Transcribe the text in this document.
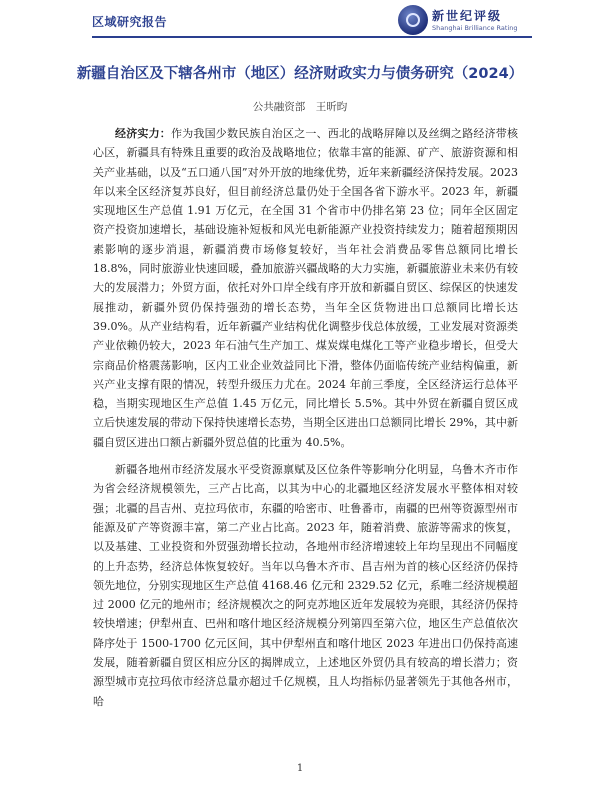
区域研究报告	新世纪评级
Shanghai Brilliance Rating
新疆自治区及下辖各州市（地区）经济财政实力与债务研究（2024）
公共融资部　王昕昀

经济实力：作为我国少数民族自治区之一、西北的战略屏障以及丝绸之路经济带核心区，新疆具有特殊且重要的政治及战略地位；依靠丰富的能源、矿产、旅游资源和相关产业基础，以及“五口通八国”对外开放的地缘优势，近年来新疆经济保持发展。2023 年以来全区经济复苏良好，但目前经济总量仍处于全国各省下游水平。2023 年，新疆实现地区生产总值 1.91 万亿元，在全国 31 个省市中仍排名第 23 位；同年全区固定资产投资加速增长，基础设施补短板和风光电新能源产业投资持续发力；随着超预期因素影响的逐步消退，新疆消费市场修复较好，当年社会消费品零售总额同比增长 18.8%，同时旅游业快速回暖，叠加旅游兴疆战略的大力实施，新疆旅游业未来仍有较大的发展潜力；外贸方面，依托对外口岸全线有序开放和新疆自贸区、综保区的快速发展推动，新疆外贸仍保持强劲的增长态势，当年全区货物进出口总额同比增长达 39.0%。从产业结构看，近年新疆产业结构优化调整步伐总体放缓，工业发展对资源类产业依赖仍较大，2023 年石油气生产加工、煤炭煤电煤化工等产业稳步增长，但受大宗商品价格震荡影响，区内工业企业效益同比下滑，整体仍面临传统产业结构偏重，新兴产业支撑有限的情况，转型升级压力尤在。2024 年前三季度，全区经济运行总体平稳，当期实现地区生产总值 1.45 万亿元，同比增长 5.5%。其中外贸在新疆自贸区成立后快速发展的带动下保持快速增长态势，当期全区进出口总额同比增长 29%，其中新疆自贸区进出口额占新疆外贸总值的比重为 40.5%。

新疆各地州市经济发展水平受资源禀赋及区位条件等影响分化明显，乌鲁木齐市作为省会经济规模领先，三产占比高，以其为中心的北疆地区经济发展水平整体相对较强；北疆的昌吉州、克拉玛依市，东疆的哈密市、吐鲁番市，南疆的巴州等资源型州市能源及矿产等资源丰富，第二产业占比高。2023 年，随着消费、旅游等需求的恢复，以及基建、工业投资和外贸强劲增长拉动，各地州市经济增速较上年均呈现出不同幅度的上升态势，经济总体恢复较好。当年以乌鲁木齐市、昌吉州为首的核心区经济仍保持领先地位，分别实现地区生产总值 4168.46 亿元和 2329.52 亿元，系唯二经济规模超过 2000 亿元的地州市；经济规模次之的阿克苏地区近年发展较为亮眼，其经济仍保持较快增速；伊犁州直、巴州和喀什地区经济规模分列第四至第六位，地区生产总值依次降序处于 1500-1700 亿元区间，其中伊犁州直和喀什地区 2023 年进出口仍保持高速发展，随着新疆自贸区相应分区的揭牌成立，上述地区外贸仍具有较高的增长潜力；资源型城市克拉玛依市经济总量亦超过千亿规模，且人均指标仍显著领先于其他各州市，哈

1
